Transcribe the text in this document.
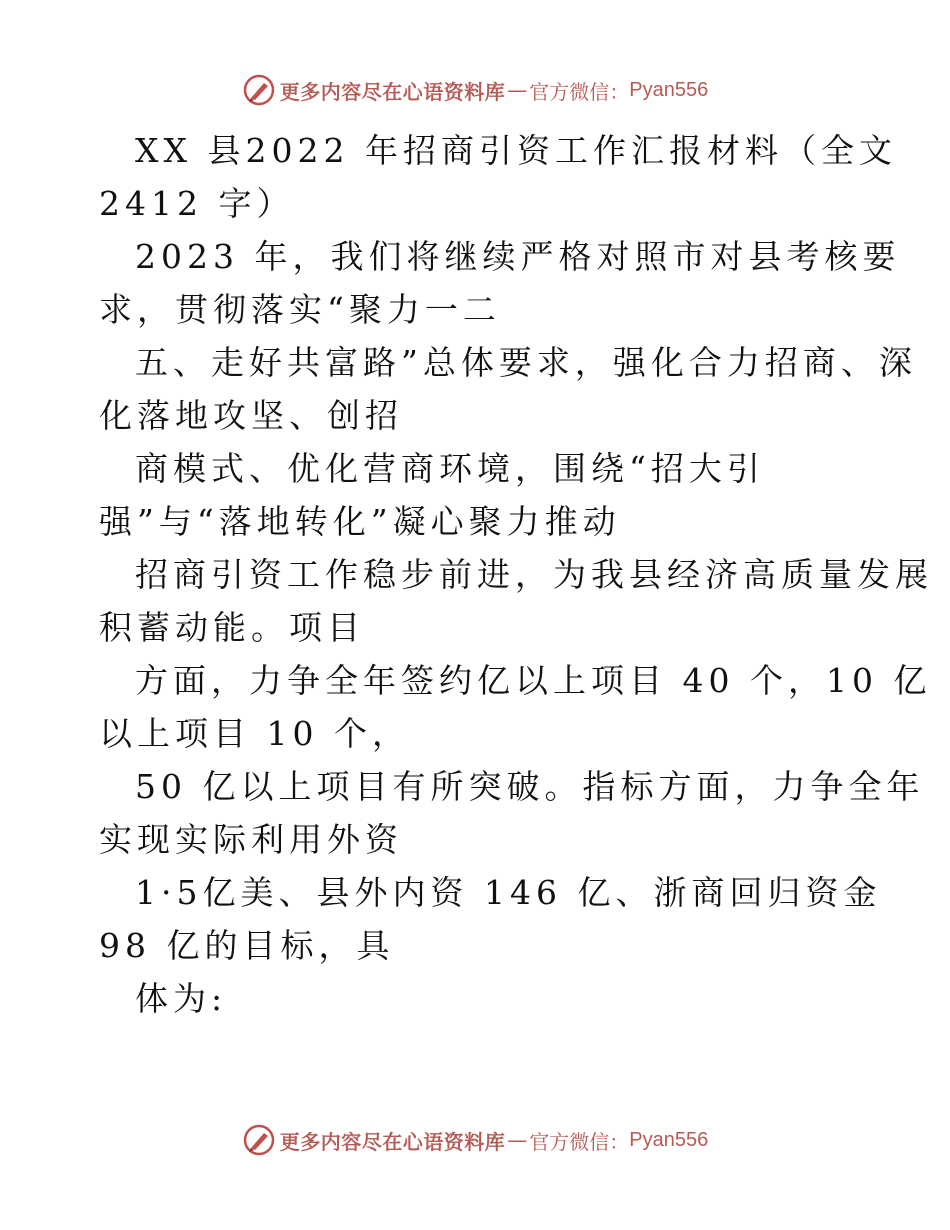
更多内容尽在心语资料库 — 官方微信： Pyan556
XX 县2022 年招商引资工作汇报材料（全文
2412 字）
2023 年，我们将继续严格对照市对县考核要
求，贯彻落实“聚力一二
五、走好共富路”总体要求，强化合力招商、深
化落地攻坚、创招
商模式、优化营商环境，围绕“招大引
强”与“落地转化”凝心聚力推动
招商引资工作稳步前进，为我县经济高质量发展
积蓄动能。项目
方面，力争全年签约亿以上项目 40 个，10 亿
以上项目 10 个，
50 亿以上项目有所突破。指标方面，力争全年
实现实际利用外资
1·5亿美、县外内资 146 亿、浙商回归资金
98 亿的目标，具
体为:
更多内容尽在心语资料库 — 官方微信： Pyan556
